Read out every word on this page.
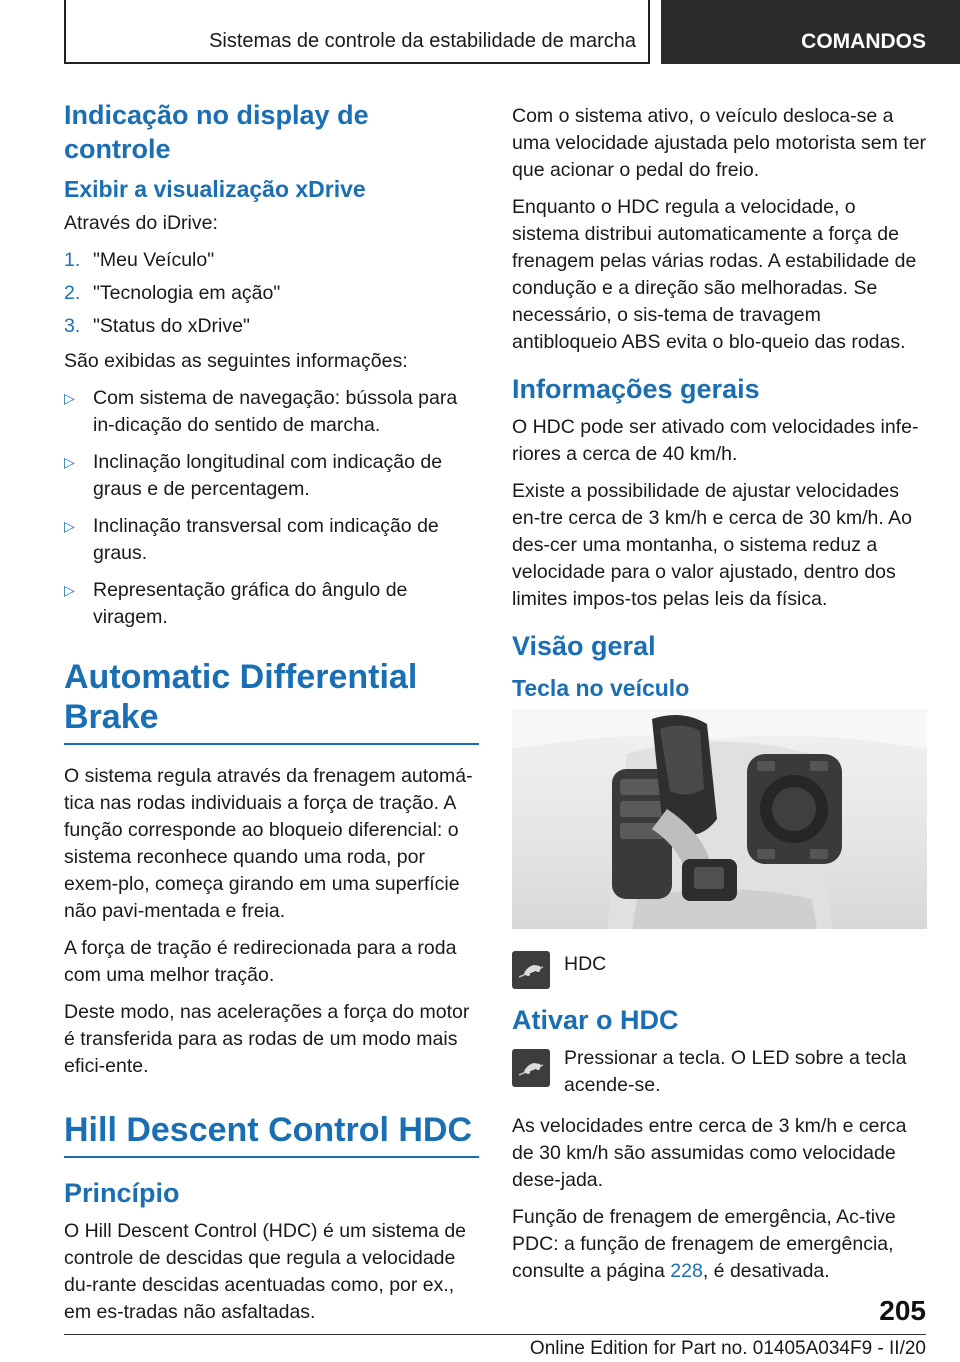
Sistemas de controle da estabilidade de marcha	COMANDOS
Indicação no display de controle
Exibir a visualização xDrive

Através do iDrive:

1. "Meu Veículo"
2. "Tecnologia em ação"
3. "Status do xDrive"

São exibidas as seguintes informações:

▷ Com sistema de navegação: bússola para in-dicação do sentido de marcha.
▷ Inclinação longitudinal com indicação de graus e de percentagem.
▷ Inclinação transversal com indicação de graus.
▷ Representação gráfica do ângulo de viragem.
Automatic Differential Brake

O sistema regula através da frenagem automá-tica nas rodas individuais a força de tração. A função corresponde ao bloqueio diferencial: o sistema reconhece quando uma roda, por exem-plo, começa girando em uma superfície não pavi-mentada e freia.

A força de tração é redirecionada para a roda com uma melhor tração.

Deste modo, nas acelerações a força do motor é transferida para as rodas de um modo mais efici-ente.

Hill Descent Control HDC
Princípio

O Hill Descent Control (HDC) é um sistema de controle de descidas que regula a velocidade du-rante descidas acentuadas como, por ex., em es-tradas não asfaltadas.

Com o sistema ativo, o veículo desloca-se a uma velocidade ajustada pelo motorista sem ter que acionar o pedal do freio.

Enquanto o HDC regula a velocidade, o sistema distribui automaticamente a força de frenagem pelas várias rodas. A estabilidade de condução e a direção são melhoradas. Se necessário, o sis-tema de travagem antibloqueio ABS evita o blo-queio das rodas.

Informações gerais

O HDC pode ser ativado com velocidades infe-riores a cerca de 40 km/h.

Existe a possibilidade de ajustar velocidades en-tre cerca de 3 km/h e cerca de 30 km/h. Ao des-cer uma montanha, o sistema reduz a velocidade para o valor ajustado, dentro dos limites impos-tos pelas leis da física.

Visão geral
Tecla no veículo

HDC

Ativar o HDC

Pressionar a tecla. O LED sobre a tecla acende-se.

As velocidades entre cerca de 3 km/h e cerca de 30 km/h são assumidas como velocidade dese-jada.

Função de frenagem de emergência, Ac-tive PDC: a função de frenagem de emergência, consulte a página 228, é desativada.

205
Online Edition for Part no. 01405A034F9 - II/20
